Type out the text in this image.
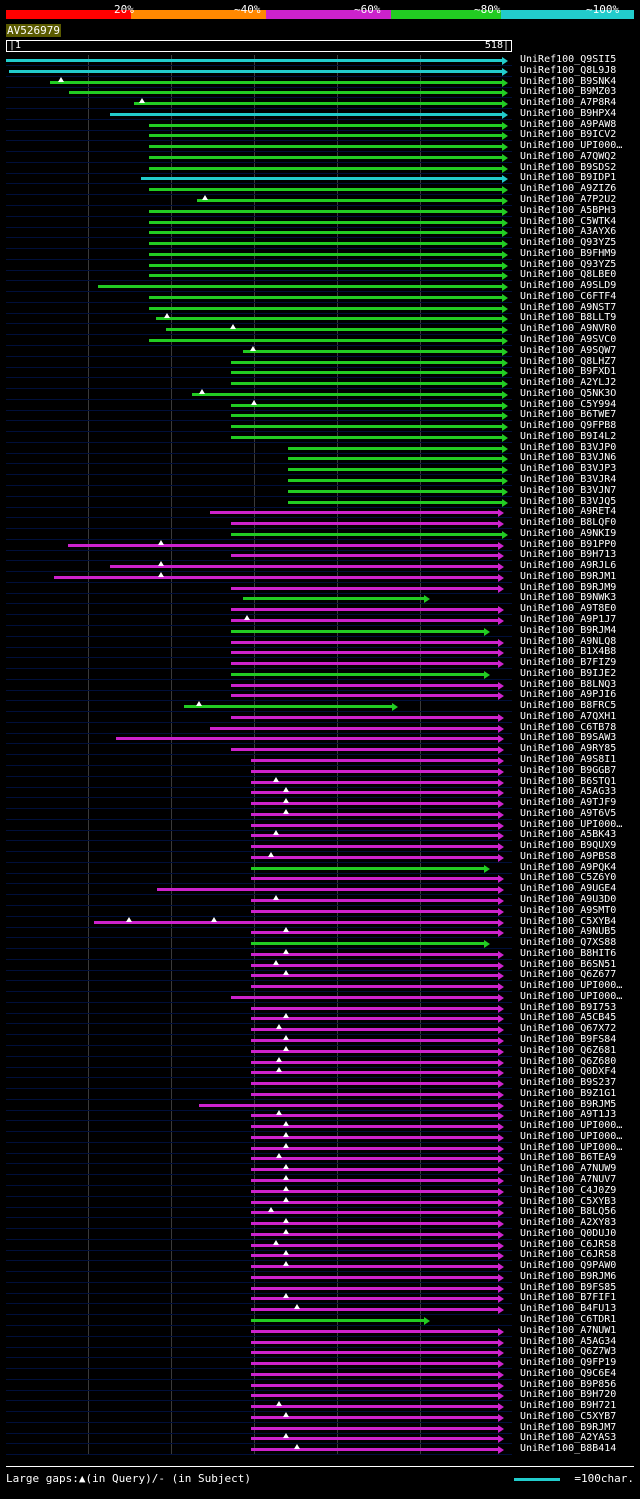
20%	~40%	~60%	~80%	~100%
AV526979
|1	518|
UniRef100_Q9SII5
UniRef100_Q8L9J8
UniRef100_B9SNK4
UniRef100_B9MZ03
UniRef100_A7P8R4
UniRef100_B9HPX4
UniRef100_A9PAW8
UniRef100_B9ICV2
UniRef100_UPI000…
UniRef100_A7QWQ2
UniRef100_B9SDS2
UniRef100_B9IDP1
UniRef100_A9ZIZ6
UniRef100_A7P2U2
UniRef100_A5BPH3
UniRef100_C5WTK4
UniRef100_A3AYX6
UniRef100_Q93YZ5
UniRef100_B9FHM9
UniRef100_Q93YZ5
UniRef100_Q8LBE0
UniRef100_A9SLD9
UniRef100_C6FTF4
UniRef100_A9NST7
UniRef100_B8LLT9
UniRef100_A9NVR0
UniRef100_A9SVC0
UniRef100_A9SQW7
UniRef100_Q8LHZ7
UniRef100_B9FXD1
UniRef100_A2YLJ2
UniRef100_Q5NK3O
UniRef100_C5Y994
UniRef100_B6TWE7
UniRef100_Q9FPB8
UniRef100_B9I4L2
UniRef100_B3VJP0
UniRef100_B3VJN6
UniRef100_B3VJP3
UniRef100_B3VJR4
UniRef100_B3VJN7
UniRef100_B3VJQ5
UniRef100_A9RET4
UniRef100_B8LQF0
UniRef100_A9NKI9
UniRef100_B91PP0
UniRef100_B9H713
UniRef100_A9RJL6
UniRef100_B9RJM1
UniRef100_B9RJM9
UniRef100_B9NWK3
UniRef100_A9T8E0
UniRef100_A9P1J7
UniRef100_B9RJM4
UniRef100_A9NLQ8
UniRef100_B1X4B8
UniRef100_B7FIZ9
UniRef100_B9IJE2
UniRef100_B8LNQ3
UniRef100_A9PJI6
UniRef100_B8FRC5
UniRef100_A7QXH1
UniRef100_C6TB78
UniRef100_B9SAW3
UniRef100_A9RY85
UniRef100_A9S8I1
UniRef100_B9GGB7
UniRef100_B6STQ1
UniRef100_A5AG33
UniRef100_A9TJF9
UniRef100_A9T6V5
UniRef100_UPI000…
UniRef100_A5BK43
UniRef100_B9QUX9
UniRef100_A9PBS8
UniRef100_A9PQK4
UniRef100_C5Z6Y0
UniRef100_A9UGE4
UniRef100_A9U3D0
UniRef100_A9SMT0
UniRef100_C5XYB4
UniRef100_A9NUB5
UniRef100_Q7XS88
UniRef100_B8HIT6
UniRef100_B6SN51
UniRef100_Q6Z677
UniRef100_UPI000…
UniRef100_UPI000…
UniRef100_B9I753
UniRef100_A5CB45
UniRef100_Q67X72
UniRef100_B9FS84
UniRef100_Q6Z681
UniRef100_Q6Z680
UniRef100_Q0DXF4
UniRef100_B9S237
UniRef100_B9Z1G1
UniRef100_B9RJM5
UniRef100_A9T1J3
UniRef100_UPI000…
UniRef100_UPI000…
UniRef100_UPI000…
UniRef100_B6TEA9
UniRef100_A7NUW9
UniRef100_A7NUV7
UniRef100_C4J0Z9
UniRef100_C5XYB3
UniRef100_B8LQ56
UniRef100_A2XY83
UniRef100_Q0DUJ0
UniRef100_C6JRS8
UniRef100_C6JRS8
UniRef100_Q9PAW0
UniRef100_B9RJM6
UniRef100_B9FS85
UniRef100_B7FIF1
UniRef100_B4FU13
UniRef100_C6TDR1
UniRef100_A7NUW1
UniRef100_A5AG34
UniRef100_Q6Z7W3
UniRef100_Q9FP19
UniRef100_Q9C6E4
UniRef100_B9P856
UniRef100_B9H720
UniRef100_B9H721
UniRef100_C5XYB7
UniRef100_B9RJM7
UniRef100_A2YAS3
UniRef100_B8B414
Large gaps:▲(in Query)/- (in Subject)	=100char.
